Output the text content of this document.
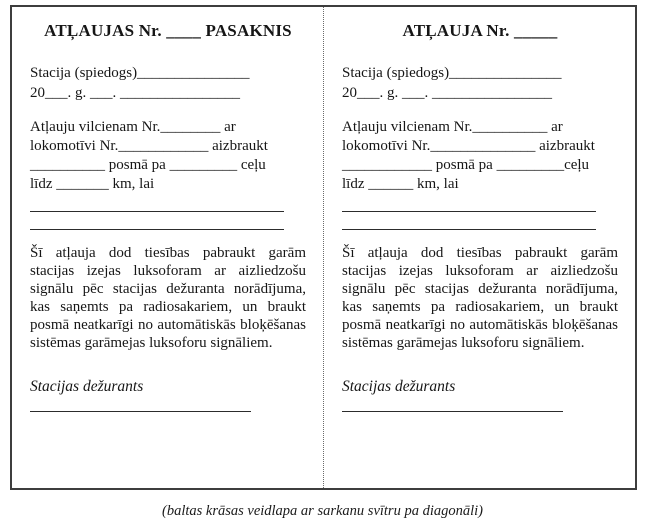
ATĻAUJAS Nr. ____ PASAKNIS
Stacija (spiedogs)_______________
20___. g. ___. ________________
Atļauju vilcienam Nr.________ ar
lokomotīvi Nr.____________ aizbraukt
__________ posmā pa _________ ceļu
līdz _______ km, lai

Šī atļauja dod tiesības pabraukt garām stacijas izejas luksoforam ar aizliedzošu signālu pēc stacijas dežuranta norādījuma, kas saņemts pa radiosakariem, un braukt posmā neatkarīgi no automātiskās bloķēšanas sistēmas garāmejas luksoforu signāliem.

Stacijas dežurants
ATĻAUJA Nr. _____
Stacija (spiedogs)_______________
20___. g. ___. ________________
Atļauju vilcienam Nr.__________ ar
lokomotīvi Nr.______________ aizbraukt
____________ posmā pa _________ceļu
līdz ______ km, lai

Šī atļauja dod tiesības pabraukt garām stacijas izejas luksoforam ar aizliedzošu signālu pēc stacijas dežuranta norādījuma, kas saņemts pa radiosakariem, un braukt posmā neatkarīgi no automātiskās bloķēšanas sistēmas garāmejas luksoforu signāliem.

Stacijas dežurants
(baltas krāsas veidlapa ar sarkanu svītru pa diagonāli)
